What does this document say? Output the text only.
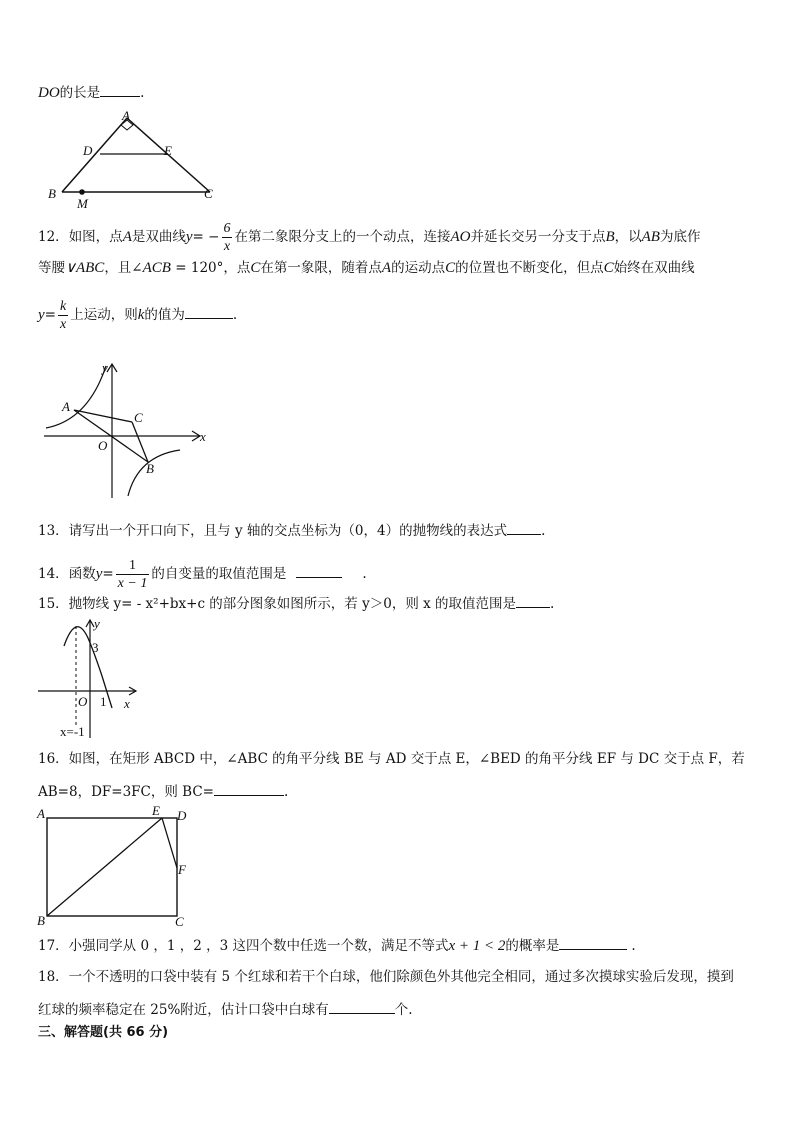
DO的长是	.
A
D	E
B
M
C
12．如图，点A是双曲线$y= - \frac{6}{x}$ 在第二象限分支上的一个动点，连接AO并延长交另一分支于点B，以AB为底作
等腰∨ABC，且∠ACB = 120°，点C在第一象限，随着点A的运动点C的位置也不断变化，但点C始终在双曲线
$y= \frac{k}{x}$ 上运动，则k的值为	.
y
x
A
C
O
B
13．请写出一个开口向下，且与 y 轴的交点坐标为（0，4）的抛物线的表达式	.
14．函数$y= \frac{1}{x - 1}$ 的自变量的取值范围是	.
15．抛物线 y= - x²+bx+c 的部分图象如图所示，若 y＞0，则 x 的取值范围是	.
y
3
O 1 x
x=-1
16．如图，在矩形 ABCD 中，∠ABC 的角平分线 BE 与 AD 交于点 E，∠BED 的角平分线 EF 与 DC 交于点 F，若
AB=8，DF=3FC，则 BC=	.
A	E D
F
B	C
17．小强同学从 0 ，1 ，2 ，3 这四个数中任选一个数，满足不等式x + 1 < 2的概率是	.
18．一个不透明的口袋中装有 5 个红球和若干个白球，他们除颜色外其他完全相同，通过多次摸球实验后发现，摸到
红球的频率稳定在 25%附近，估计口袋中白球有	个.
三、解答题(共 66 分)
